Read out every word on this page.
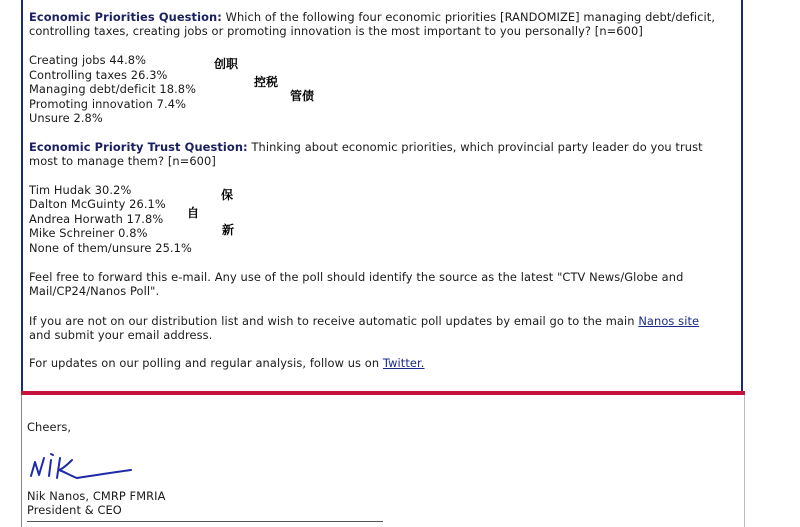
Economic Priorities Question: Which of the following four economic priorities [RANDOMIZE] managing debt/deficit,

controlling taxes, creating jobs or promoting innovation is the most important to you personally? [n=600]

Creating jobs 44.8%

Controlling taxes 26.3%

Managing debt/deficit 18.8%

Promoting innovation 7.4%

Unsure 2.8%

创职
控税
管债

Economic Priority Trust Question: Thinking about economic priorities, which provincial party leader do you trust

most to manage them? [n=600]

Tim Hudak 30.2%

Dalton McGuinty 26.1%

Andrea Horwath 17.8%

Mike Schreiner 0.8%

None of them/unsure 25.1%

保
自
新

Feel free to forward this e-mail. Any use of the poll should identify the source as the latest "CTV News/Globe and

Mail/CP24/Nanos Poll".

If you are not on our distribution list and wish to receive automatic poll updates by email go to the main Nanos site

and submit your email address.

For updates on our polling and regular analysis, follow us on Twitter.

Cheers,

Nik Nanos, CMRP FMRIA

President & CEO
